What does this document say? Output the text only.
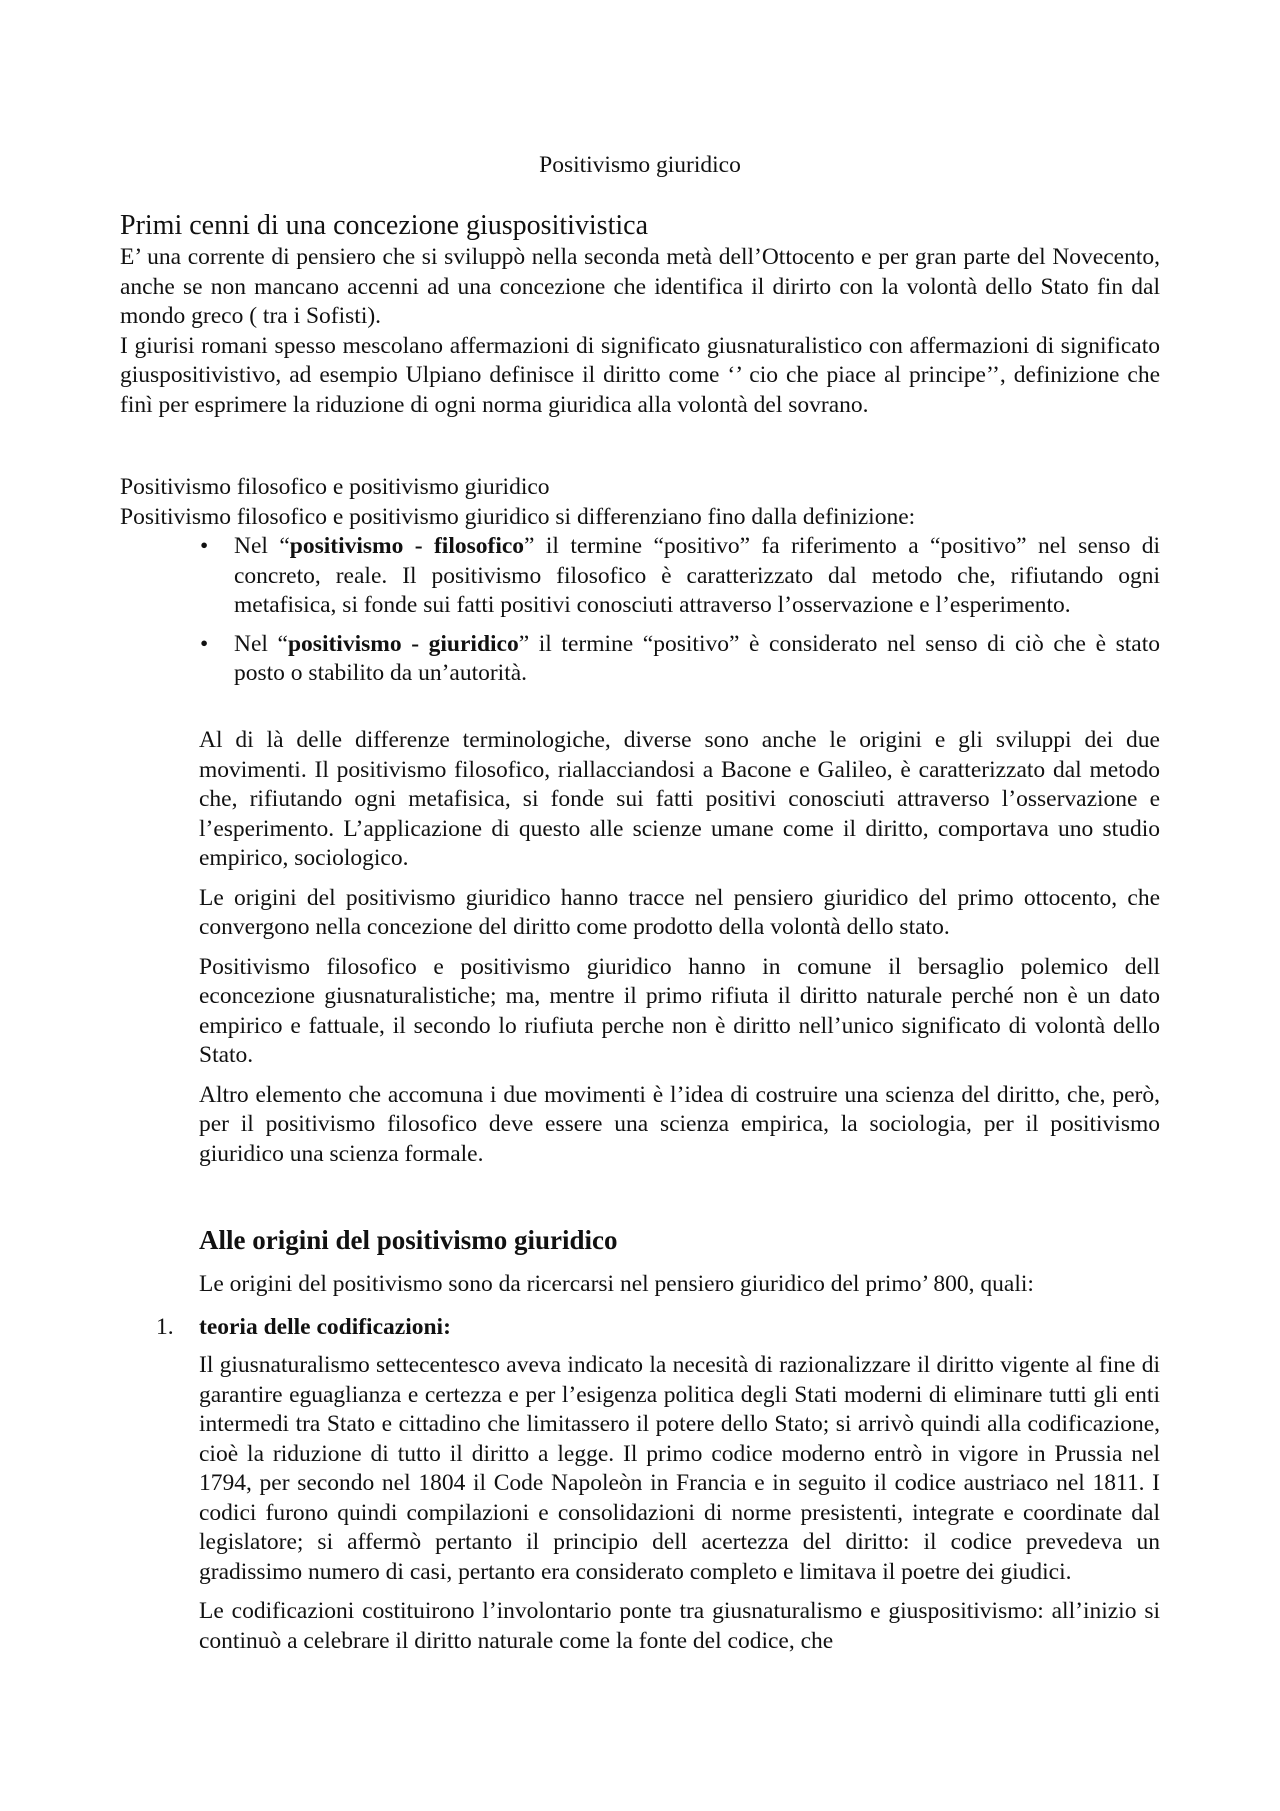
Positivismo giuridico
Primi cenni di una concezione giuspositivistica

E’ una corrente di pensiero che si sviluppò nella seconda metà dell’Ottocento e per gran parte del Novecento, anche se non mancano accenni ad una concezione che identifica il dirirto con la volontà dello Stato fin dal mondo greco ( tra i Sofisti).

I giurisi romani spesso mescolano affermazioni di significato giusnaturalistico con affermazioni di significato giuspositivistivo, ad esempio Ulpiano definisce il diritto come ‘’ cio che piace al principe’’, definizione che finì per esprimere la riduzione di ogni norma giuridica alla volontà del sovrano.

Positivismo filosofico e positivismo giuridico
Positivismo filosofico e positivismo giuridico si differenziano fino dalla definizione:
• Nel “positivismo - filosofico” il termine “positivo” fa riferimento a “positivo” nel senso di concreto, reale. Il positivismo filosofico è caratterizzato dal metodo che, rifiutando ogni metafisica, si fonde sui fatti positivi conosciuti attraverso l’osservazione e l’esperimento.
• Nel “positivismo - giuridico” il termine “positivo” è considerato nel senso di ciò che è stato posto o stabilito da un’autorità.

Al di là delle differenze terminologiche, diverse sono anche le origini e gli sviluppi dei due movimenti. Il positivismo filosofico, riallacciandosi a Bacone e Galileo, è caratterizzato dal metodo che, rifiutando ogni metafisica, si fonde sui fatti positivi conosciuti attraverso l’osservazione e l’esperimento. L’applicazione di questo alle scienze umane come il diritto, comportava uno studio empirico, sociologico.

Le origini del positivismo giuridico hanno tracce nel pensiero giuridico del primo ottocento, che convergono nella concezione del diritto come prodotto della volontà dello stato.

Positivismo filosofico e positivismo giuridico hanno in comune il bersaglio polemico dell econcezione giusnaturalistiche; ma, mentre il primo rifiuta il diritto naturale perché non è un dato empirico e fattuale, il secondo lo riufiuta perche non è diritto nell’unico significato di volontà dello Stato.

Altro elemento che accomuna i due movimenti è l’idea di costruire una scienza del diritto, che, però, per il positivismo filosofico deve essere una scienza empirica, la sociologia, per il positivismo giuridico una scienza formale.

Alle origini del positivismo giuridico
Le origini del positivismo sono da ricercarsi nel pensiero giuridico del primo’ 800, quali:
1. teoria delle codificazioni:

Il giusnaturalismo settecentesco aveva indicato la necesità di razionalizzare il diritto vigente al fine di garantire eguaglianza e certezza e per l’esigenza politica degli Stati moderni di eliminare tutti gli enti intermedi tra Stato e cittadino che limitassero il potere dello Stato; si arrivò quindi alla codificazione, cioè la riduzione di tutto il diritto a legge. Il primo codice moderno entrò in vigore in Prussia nel 1794, per secondo nel 1804 il Code Napoleòn in Francia e in seguito il codice austriaco nel 1811. I codici furono quindi compilazioni e consolidazioni di norme presistenti, integrate e coordinate dal legislatore; si affermò pertanto il principio dell acertezza del diritto: il codice prevedeva un gradissimo numero di casi, pertanto era considerato completo e limitava il poetre dei giudici.

Le codificazioni costituirono l’involontario ponte tra giusnaturalismo e giuspositivismo: all’inizio si continuò a celebrare il diritto naturale come la fonte del codice, che
